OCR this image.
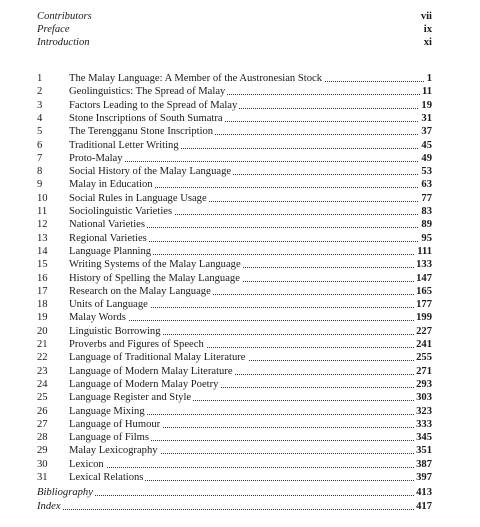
Contributors	vii
Preface	ix
Introduction	xi
1	The Malay Language: A Member of the Austronesian Stock	1
2	Geolinguistics: The Spread of Malay	11
3	Factors Leading to the Spread of Malay	19
4	Stone Inscriptions of South Sumatra	31
5	The Terengganu Stone Inscription	37
6	Traditional Letter Writing	45
7	Proto-Malay	49
8	Social History of the Malay Language	53
9	Malay in Education	63
10 Social Rules in Language Usage	77
11 Sociolinguistic Varieties	83
12 National Varieties	89
13 Regional Varieties	95
14 Language Planning	111
15 Writing Systems of the Malay Language	133
16 History of Spelling the Malay Language	147
17 Research on the Malay Language	165
18 Units of Language	177
19 Malay Words	199
20 Linguistic Borrowing	227
21 Proverbs and Figures of Speech	241
22 Language of Traditional Malay Literature	255
23 Language of Modern Malay Literature	271
24 Language of Modern Malay Poetry	293
25 Language Register and Style	303
26 Language Mixing	323
27 Language of Humour	333
28 Language of Films	345
29 Malay Lexicography	351
30 Lexicon	387
31 Lexical Relations	397
Bibliography	413
Index	417
